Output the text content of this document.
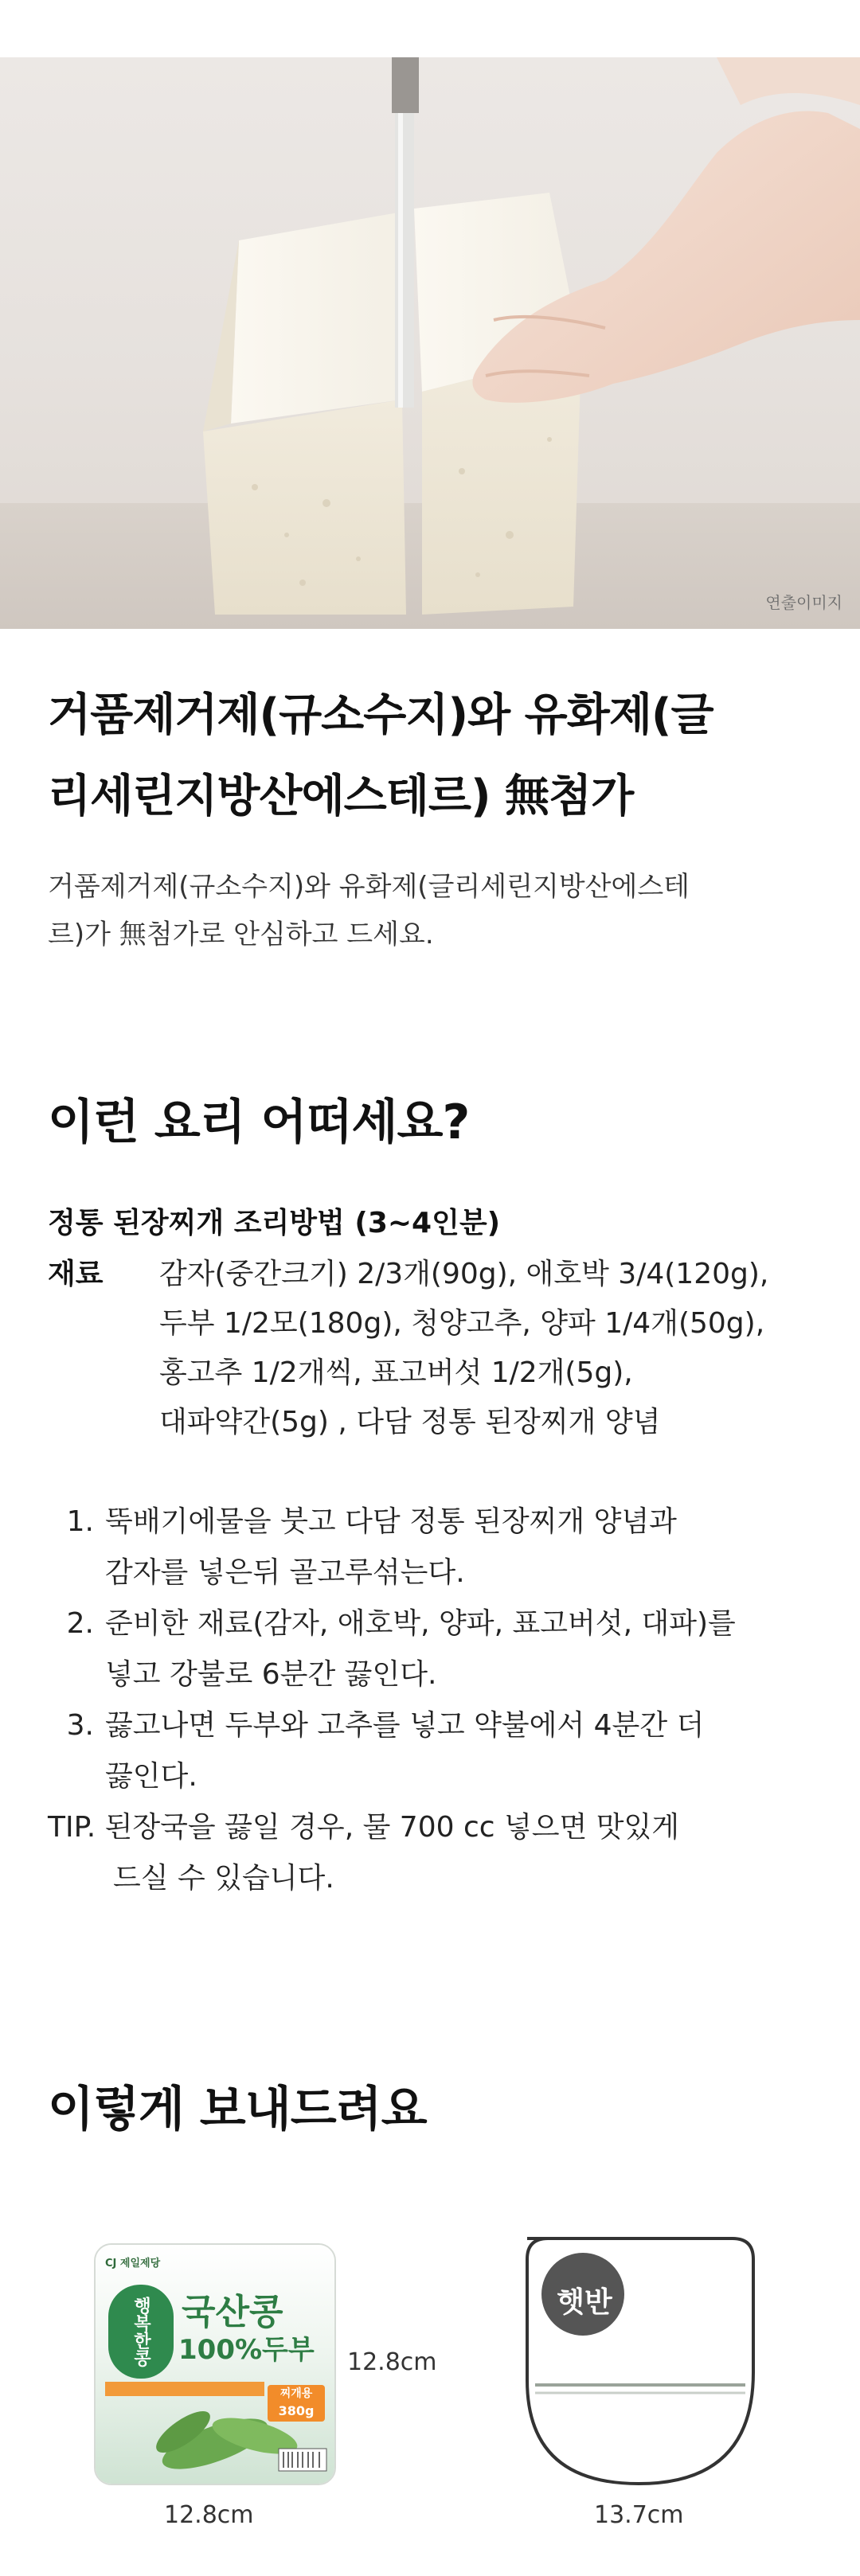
연출이미지
거품제거제(규소수지)와 유화제(글
리세린지방산에스테르) 無첨가
거품제거제(규소수지)와 유화제(글리세린지방산에스테
르)가 無첨가로 안심하고 드세요.
이런 요리 어떠세요?
정통 된장찌개 조리방법 (3~4인분)
재료	감자(중간크기) 2/3개(90g), 애호박 3/4(120g),
두부 1/2모(180g), 청양고추, 양파 1/4개(50g),
홍고추 1/2개씩, 표고버섯 1/2개(5g),
대파약간(5g) , 다담 정통 된장찌개 양념
1. 뚝배기에물을 붓고 다담 정통 된장찌개 양념과
감자를 넣은뒤 골고루섞는다.
2. 준비한 재료(감자, 애호박, 양파, 표고버섯, 대파)를
넣고 강불로 6분간 끓인다.
3. 끓고나면 두부와 고추를 넣고 약불에서 4분간 더
끓인다.
TIP. 된장국을 끓일 경우, 물 700 cc 넣으면 맛있게
드실 수 있습니다.
이렇게 보내드려요
CJ 제일제당
행복한콩 국산콩
100%두부
찌개용
380g
12.8cm
12.8cm
햇반
13.7cm
